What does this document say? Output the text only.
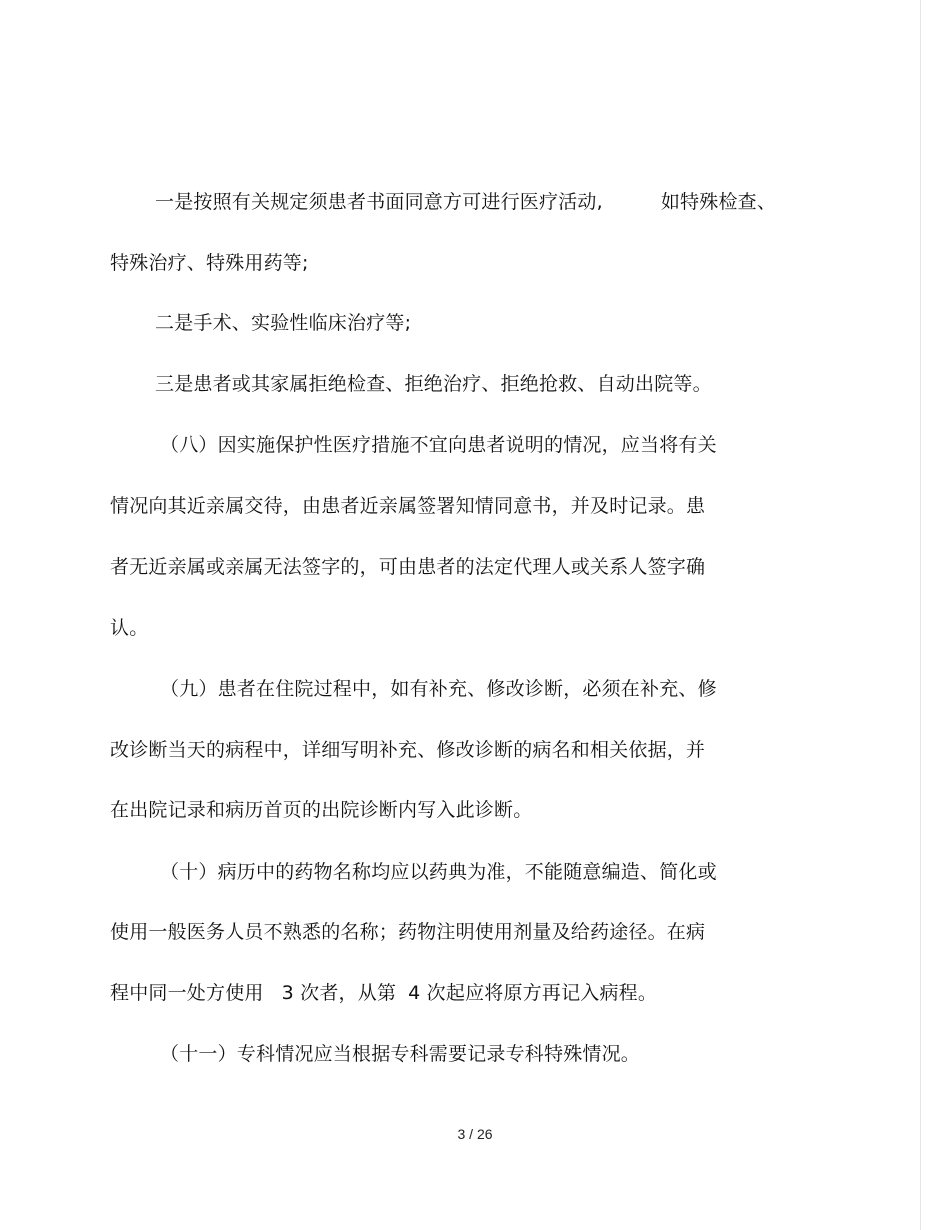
一是按照有关规定须患者书面同意方可进行医疗活动,	如特殊检查、
特殊治疗、特殊用药等;
二是手术、实验性临床治疗等;
三是患者或其家属拒绝检查、拒绝治疗、拒绝抢救、自动出院等。
（八）因实施保护性医疗措施不宜向患者说明的情况，应当将有关
情况向其近亲属交待，由患者近亲属签署知情同意书，并及时记录。患
者无近亲属或亲属无法签字的，可由患者的法定代理人或关系人签字确
认。
（九）患者在住院过程中，如有补充、修改诊断，必须在补充、修
改诊断当天的病程中，详细写明补充、修改诊断的病名和相关依据，并
在出院记录和病历首页的出院诊断内写入此诊断。
（十）病历中的药物名称均应以药典为准，不能随意编造、简化或
使用一般医务人员不熟悉的名称；药物注明使用剂量及给药途径。在病
程中同一处方使用 3 次者，从第 4 次起应将原方再记入病程。
（十一）专科情况应当根据专科需要记录专科特殊情况。
3 / 26
